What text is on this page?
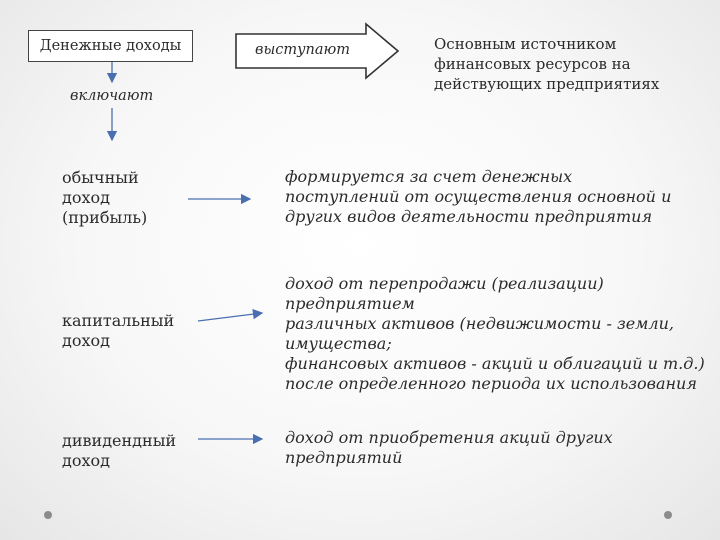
Денежные доходы	выступают	Основным источником
финансовых ресурсов на
действующих предприятиях
включают
обычный
доход
(прибыль)
формируется за счет денежных
поступлений от осуществления основной и
других видов деятельности предприятия
капитальный
доход
доход от перепродажи (реализации) предприятием
различных активов (недвижимости - земли,
имущества;
финансовых активов - акций и облигаций и т.д.)
после определенного периода их использования
дивидендный
доход
доход от приобретения акций других
предприятий
